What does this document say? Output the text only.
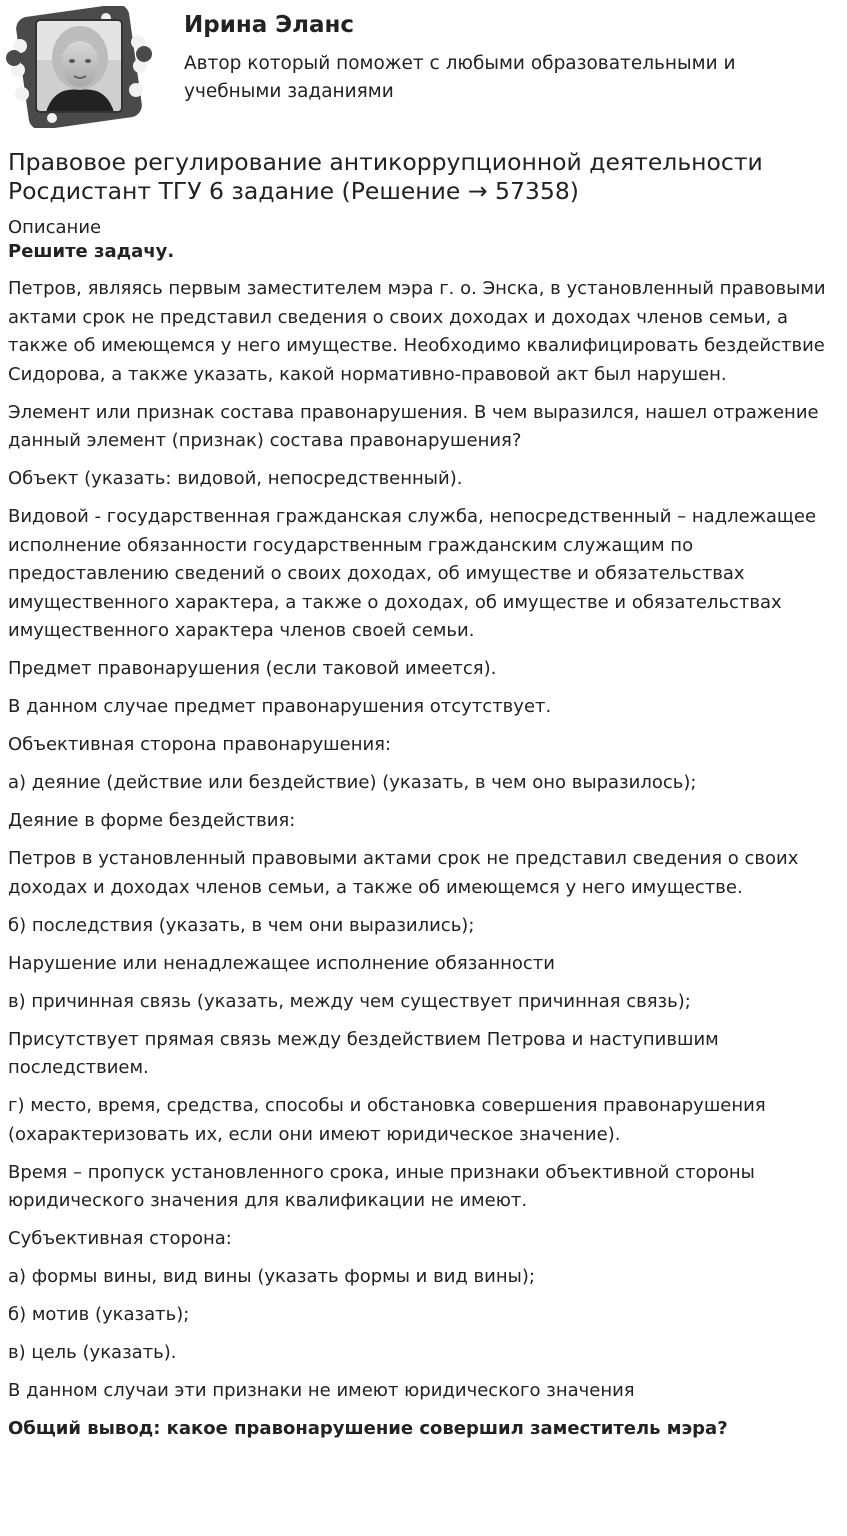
Ирина Эланс

Автор который поможет с любыми образовательными и учебными заданиями

Правовое регулирование антикоррупционной деятельности Росдистант ТГУ 6 задание (Решение → 57358)

Описание

Решите задачу.

Петров, являясь первым заместителем мэра г. о. Энска, в установленный правовыми актами срок не представил сведения о своих доходах и доходах членов семьи, а также об имеющемся у него имуществе. Необходимо квалифицировать бездействие Сидорова, а также указать, какой нормативно-правовой акт был нарушен.

Элемент или признак состава правонарушения. В чем выразился, нашел отражение данный элемент (признак) состава правонарушения?

Объект (указать: видовой, непосредственный).

Видовой - государственная гражданская служба, непосредственный – надлежащее исполнение обязанности государственным гражданским служащим по предоставлению сведений о своих доходах, об имуществе и обязательствах имущественного характера, а также о доходах, об имуществе и обязательствах имущественного характера членов своей семьи.

Предмет правонарушения (если таковой имеется).

В данном случае предмет правонарушения отсутствует.

Объективная сторона правонарушения:

а) деяние (действие или бездействие) (указать, в чем оно выразилось);

Деяние в форме бездействия:

Петров в установленный правовыми актами срок не представил сведения о своих доходах и доходах членов семьи, а также об имеющемся у него имуществе.

б) последствия (указать, в чем они выразились);

Нарушение или ненадлежащее исполнение обязанности

в) причинная связь (указать, между чем существует причинная связь);

Присутствует прямая связь между бездействием Петрова и наступившим последствием.

г) место, время, средства, способы и обстановка совершения правонарушения (охарактеризовать их, если они имеют юридическое значение).

Время – пропуск установленного срока, иные признаки объективной стороны юридического значения для квалификации не имеют.

Субъективная сторона:

а) формы вины, вид вины (указать формы и вид вины);

б) мотив (указать);

в) цель (указать).

В данном случаи эти признаки не имеют юридического значения

Общий вывод: какое правонарушение совершил заместитель мэра?
